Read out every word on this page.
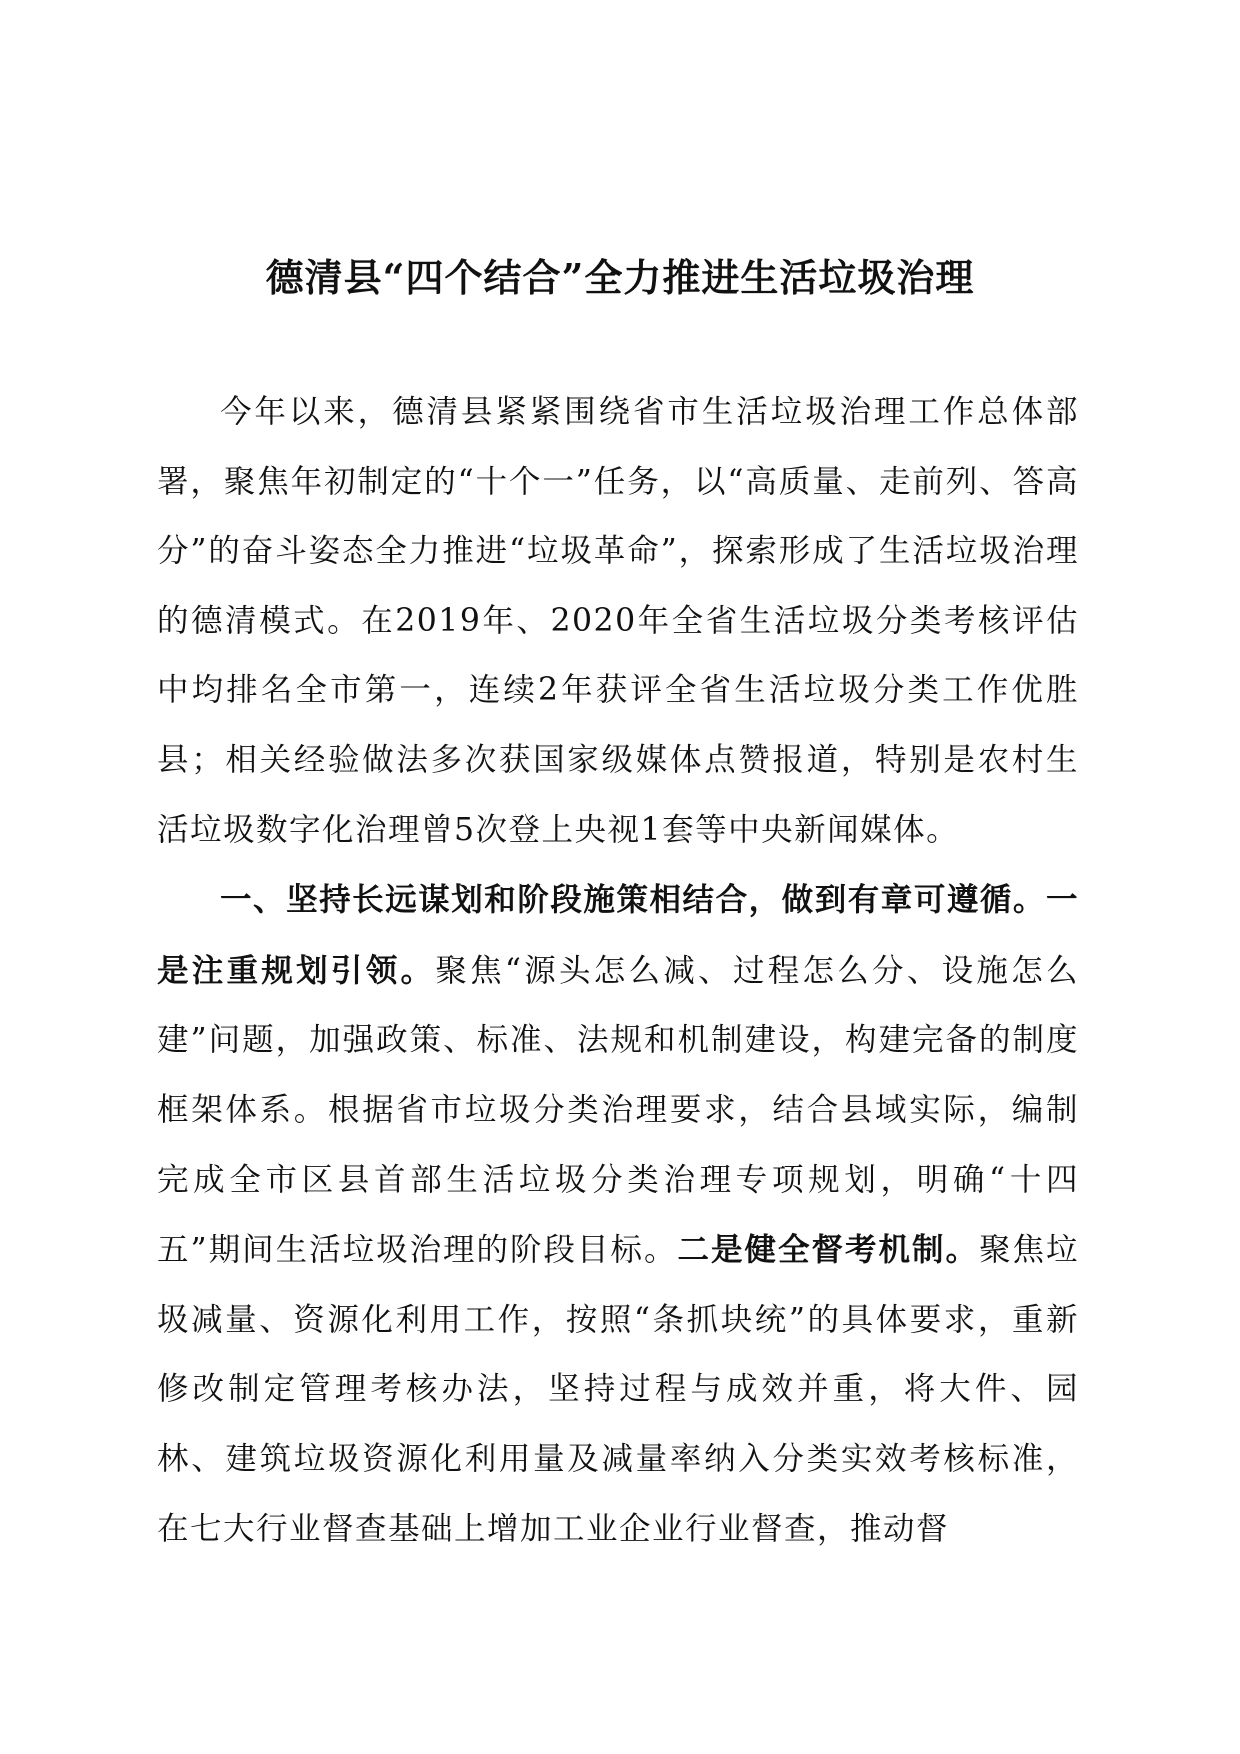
德清县“四个结合”全力推进生活垃圾治理

今年以来，德清县紧紧围绕省市生活垃圾治理工作总体部署，聚焦年初制定的“十个一”任务，以“高质量、走前列、答高分”的奋斗姿态全力推进“垃圾革命”，探索形成了生活垃圾治理的德清模式。在2019年、2020年全省生活垃圾分类考核评估中均排名全市第一，连续2年获评全省生活垃圾分类工作优胜县；相关经验做法多次获国家级媒体点赞报道，特别是农村生活垃圾数字化治理曾5次登上央视1套等中央新闻媒体。

一、坚持长远谋划和阶段施策相结合，做到有章可遵循。一是注重规划引领。聚焦“源头怎么减、过程怎么分、设施怎么建”问题，加强政策、标准、法规和机制建设，构建完备的制度框架体系。根据省市垃圾分类治理要求，结合县域实际，编制完成全市区县首部生活垃圾分类治理专项规划，明确“十四五”期间生活垃圾治理的阶段目标。二是健全督考机制。聚焦垃圾减量、资源化利用工作，按照“条抓块统”的具体要求，重新修改制定管理考核办法，坚持过程与成效并重，将大件、园林、建筑垃圾资源化利用量及减量率纳入分类实效考核标准，在七大行业督查基础上增加工业企业行业督查，推动督
